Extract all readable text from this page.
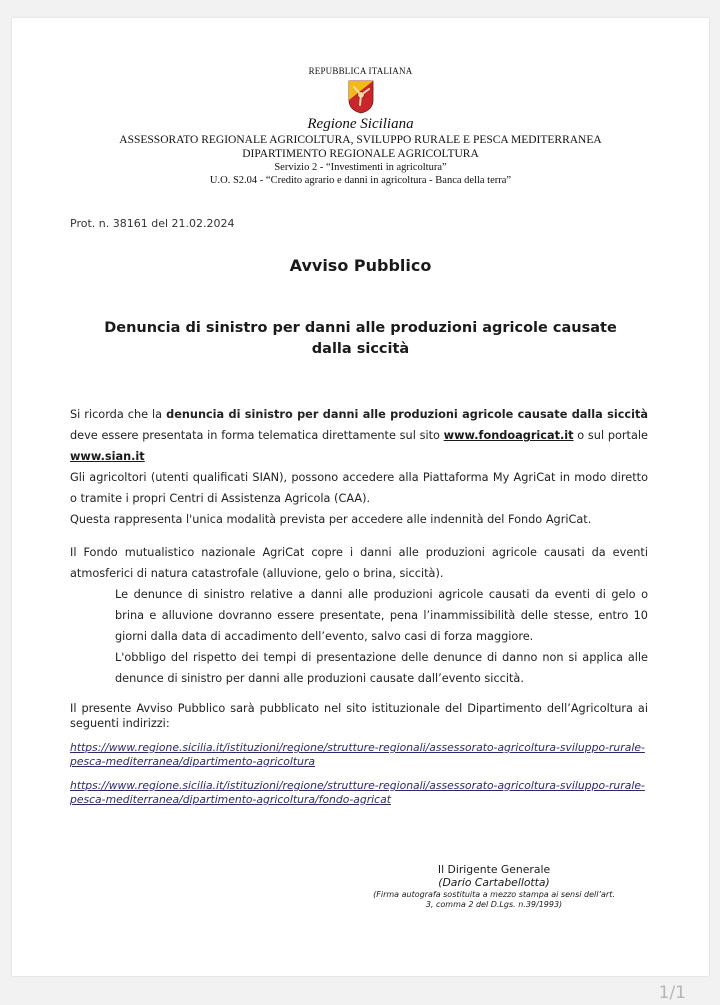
REPUBBLICA ITALIANA
Regione Siciliana
ASSESSORATO REGIONALE AGRICOLTURA, SVILUPPO RURALE E PESCA MEDITERRANEA
DIPARTIMENTO REGIONALE AGRICOLTURA
Servizio 2 - “Investimenti in agricoltura”
U.O. S2.04 - “Credito agrario e danni in agricoltura - Banca della terra”
Prot. n. 38161 del 21.02.2024
Avviso Pubblico
Denuncia di sinistro per danni alle produzioni agricole causate dalla siccità

Si ricorda che la denuncia di sinistro per danni alle produzioni agricole causate dalla siccità deve essere presentata in forma telematica direttamente sul sito www.fondoagricat.it o sul portale www.sian.it

Gli agricoltori (utenti qualificati SIAN), possono accedere alla Piattaforma My AgriCat in modo diretto o tramite i propri Centri di Assistenza Agricola (CAA).

Questa rappresenta l'unica modalità prevista per accedere alle indennità del Fondo AgriCat.

Il Fondo mutualistico nazionale AgriCat copre i danni alle produzioni agricole causati da eventi atmosferici di natura catastrofale (alluvione, gelo o brina, siccità).

Le denunce di sinistro relative a danni alle produzioni agricole causati da eventi di gelo o brina e alluvione dovranno essere presentate, pena l’inammissibilità delle stesse, entro 10 giorni dalla data di accadimento dell’evento, salvo casi di forza maggiore.

L'obbligo del rispetto dei tempi di presentazione delle denunce di danno non si applica alle denunce di sinistro per danni alle produzioni causate dall’evento siccità.

Il presente Avviso Pubblico sarà pubblicato nel sito istituzionale del Dipartimento dell’Agricoltura ai seguenti indirizzi:

https://www.regione.sicilia.it/istituzioni/regione/strutture-regionali/assessorato-agricoltura-sviluppo-rurale-pesca-mediterranea/dipartimento-agricoltura

https://www.regione.sicilia.it/istituzioni/regione/strutture-regionali/assessorato-agricoltura-sviluppo-rurale-pesca-mediterranea/dipartimento-agricoltura/fondo-agricat

Il Dirigente Generale
(Dario Cartabellotta)
(Firma autografa sostituita a mezzo stampa ai sensi dell’art. 3, comma 2 del D.Lgs. n.39/1993)
1/1
